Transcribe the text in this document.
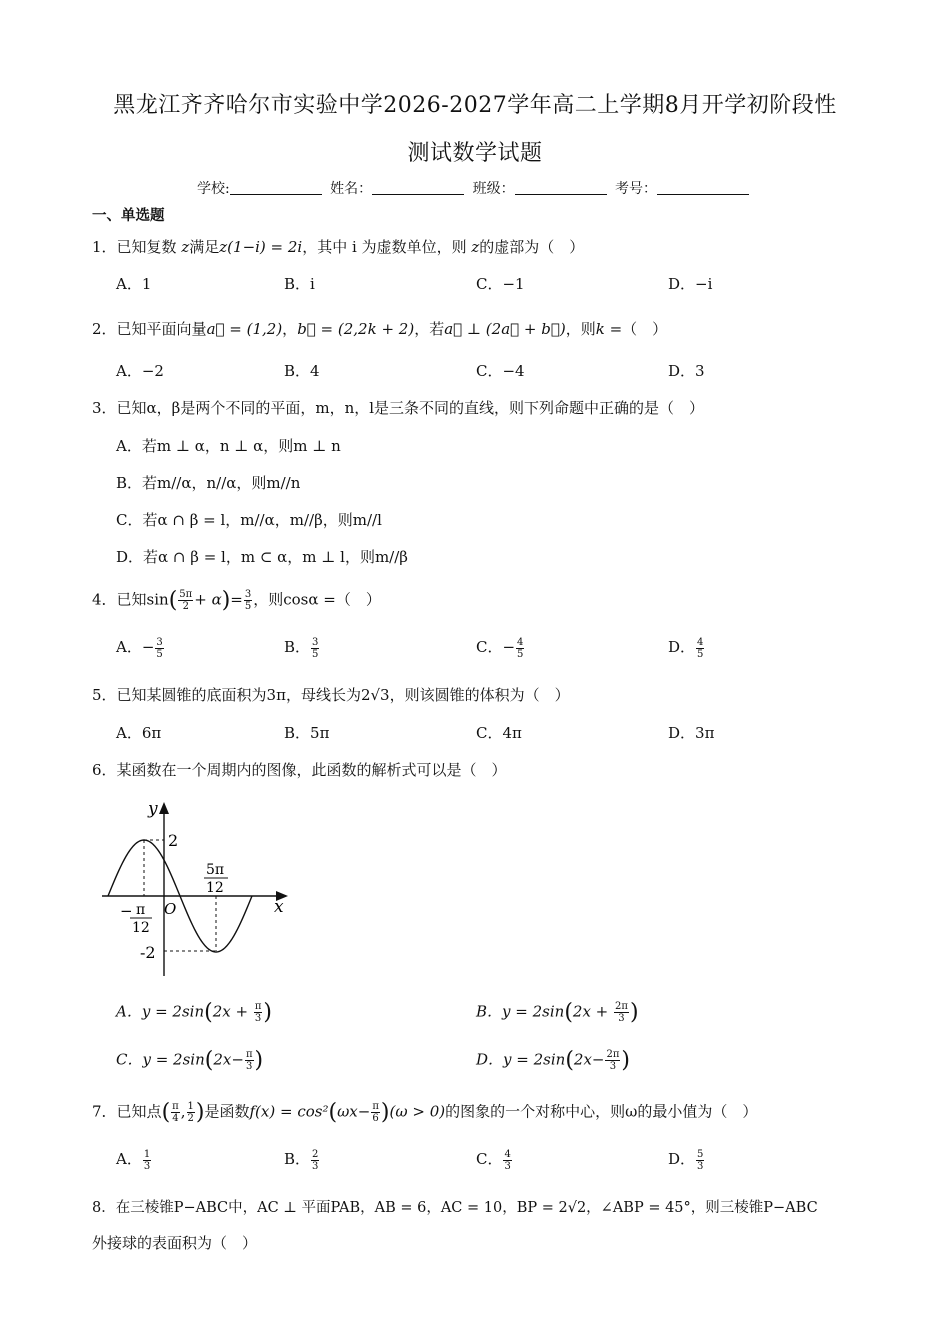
黑龙江齐齐哈尔市实验中学2026-2027学年高二上学期8月开学初阶段性
测试数学试题
学校:	姓名：	班级：	考号：
一、单选题
1．已知复数 z满足z(1−i) = 2i，其中 i 为虚数单位，则 z的虚部为（　）
A．1	B．i	C．−1	D．−i
2．已知平面向量a⃗ = (1,2)，b⃗ = (2,2k + 2)，若a⃗ ⊥ (2a⃗ + b⃗)，则k =（　）
A．−2	B．4	C．−4	D．3
3．已知α，β是两个不同的平面，m，n，l是三条不同的直线，则下列命题中正确的是（　）
A．若m ⊥ α，n ⊥ α，则m ⊥ n
B．若m//α，n//α，则m//n
C．若α ∩ β = l，m//α，m//β，则m//l
D．若α ∩ β = l，m ⊂ α，m ⊥ l，则m//β
4．已知$\sin( \frac{5\pi}{2} + \alpha)= \frac{3}{5}$ ，则cosα =（　）
A．− $\frac{3}{5}$	B． $\frac{3}{5}$	C．− $\frac{4}{5}$	D． $\frac{4}{5}$
5．已知某圆锥的底面积为3π，母线长为2√3，则该圆锥的体积为（　）
A．6π	B．5π	C．4π	D．3π
6．某函数在一个周期内的图像，此函数的解析式可以是（　）
y
x
O
2
-2
− π
12
5π
12
A．$y = 2\sin(2x + \frac{\pi}{3}$ )	B．$y = 2\sin(2x + \frac{2\pi}{3}$ )
C．$y = 2\sin(2x- \frac{\pi}{3}$ )	D．$y = 2\sin(2x- \frac{2\pi}{3}$ )
7．已知点( $\frac{\pi}{4}$ , $\frac{1}{2}$ )是函数$f(x) = \cos^2(\omega x- \frac{\pi}{6} )(\omega > 0)$的图象的一个对称中心，则ω的最小值为（　）
A． $\frac{1}{3}$	B． $\frac{2}{3}$	C． $\frac{4}{3}$	D． $\frac{5}{3}$
8．在三棱锥P−ABC中，AC ⊥ 平面PAB，AB = 6，AC = 10，BP = 2√2，∠ABP = 45°，则三棱锥P−ABC
外接球的表面积为（　）
